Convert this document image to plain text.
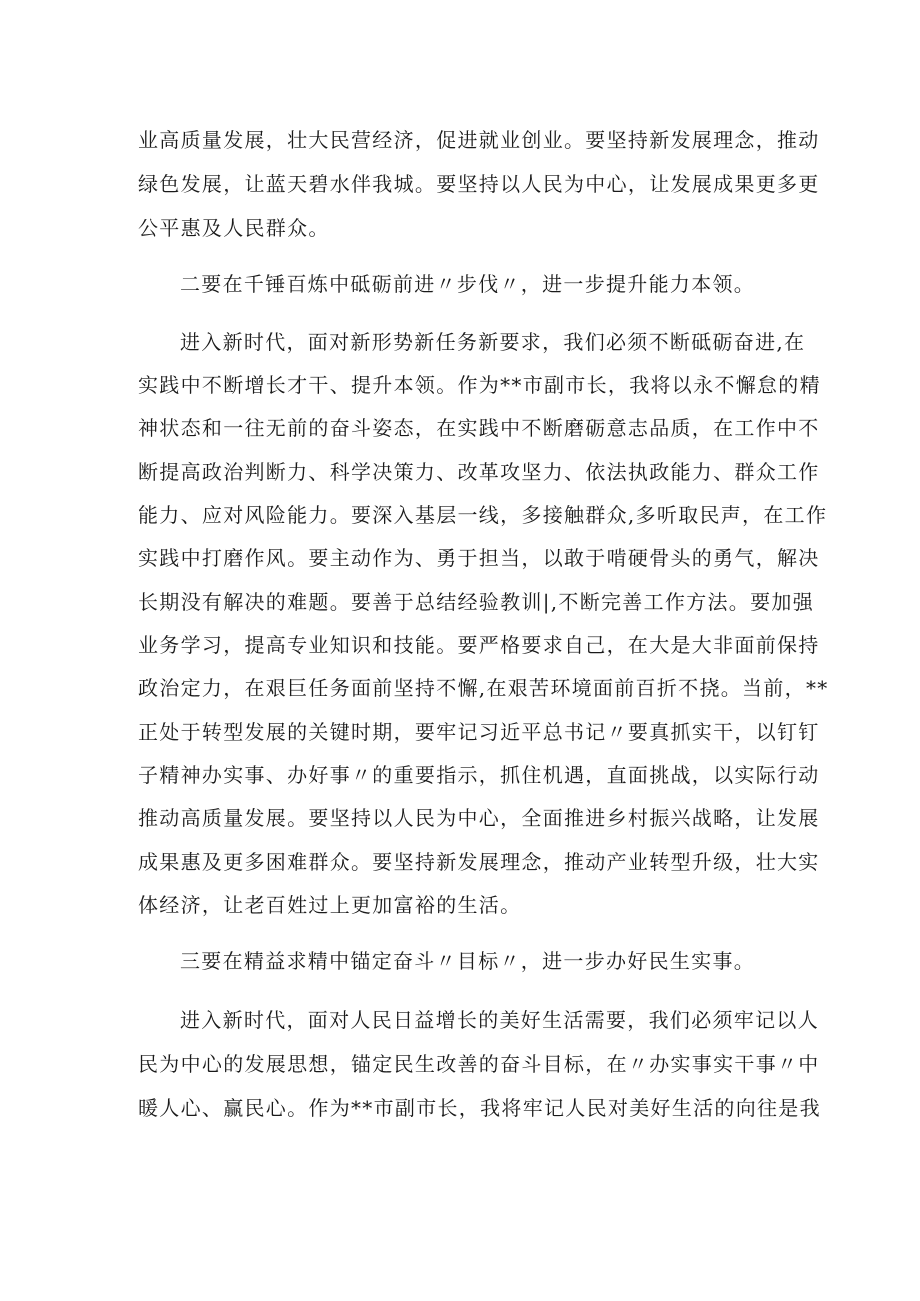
业高质量发展，壮大民营经济，促进就业创业。要坚持新发展理念，推动
绿色发展，让蓝天碧水伴我城。要坚持以人民为中心，让发展成果更多更
公平惠及人民群众。
二要在千锤百炼中砥砺前进〃步伐〃，进一步提升能力本领。
进入新时代，面对新形势新任务新要求，我们必须不断砥砺奋进,在
实践中不断增长才干、提升本领。作为**市副市长，我将以永不懈怠的精
神状态和一往无前的奋斗姿态，在实践中不断磨砺意志品质，在工作中不
断提高政治判断力、科学决策力、改革攻坚力、依法执政能力、群众工作
能力、应对风险能力。要深入基层一线，多接触群众,多听取民声，在工作
实践中打磨作风。要主动作为、勇于担当，以敢于啃硬骨头的勇气，解决
长期没有解决的难题。要善于总结经验教训|,不断完善工作方法。要加强
业务学习，提高专业知识和技能。要严格要求自己，在大是大非面前保持
政治定力，在艰巨任务面前坚持不懈,在艰苦环境面前百折不挠。当前，**
正处于转型发展的关键时期，要牢记习近平总书记〃要真抓实干，以钉钉
子精神办实事、办好事〃的重要指示，抓住机遇，直面挑战，以实际行动
推动高质量发展。要坚持以人民为中心，全面推进乡村振兴战略，让发展
成果惠及更多困难群众。要坚持新发展理念，推动产业转型升级，壮大实
体经济，让老百姓过上更加富裕的生活。
三要在精益求精中锚定奋斗〃目标〃，进一步办好民生实事。
进入新时代，面对人民日益增长的美好生活需要，我们必须牢记以人
民为中心的发展思想，锚定民生改善的奋斗目标，在〃办实事实干事〃中
暖人心、赢民心。作为**市副市长，我将牢记人民对美好生活的向往是我
